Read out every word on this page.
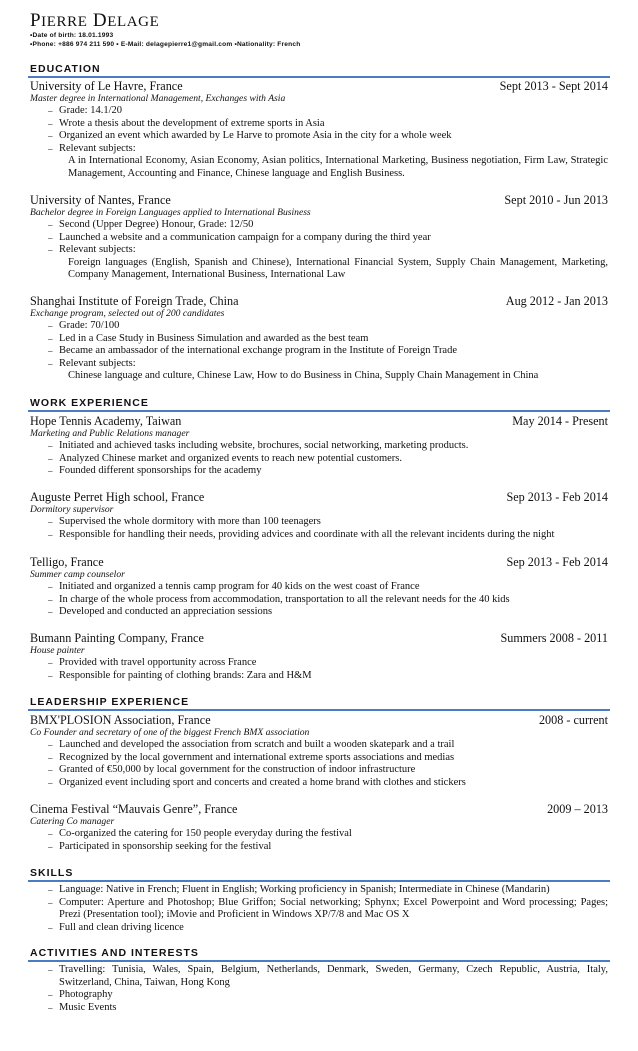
PIERRE DELAGE
•Date of birth: 18.01.1993
•Phone: +886 974 211 590 • E-Mail: delagepierre1@gmail.com •Nationality: French
EDUCATION
University of Le Havre, France	Sept 2013 - Sept 2014
Master degree in International Management, Exchanges with Asia
– Grade: 14.1/20
– Wrote a thesis about the development of extreme sports in Asia
– Organized an event which awarded by Le Harve to promote Asia in the city for a whole week
– Relevant subjects:
A in International Economy, Asian Economy, Asian politics, International Marketing, Business negotiation, Firm Law, Strategic Management, Accounting and Finance, Chinese language and English Business.
University of Nantes, France	Sept 2010 - Jun 2013
Bachelor degree in Foreign Languages applied to International Business
– Second (Upper Degree) Honour, Grade: 12/50
– Launched a website and a communication campaign for a company during the third year
– Relevant subjects:
Foreign languages (English, Spanish and Chinese), International Financial System, Supply Chain Management, Marketing, Company Management, International Business, International Law
Shanghai Institute of Foreign Trade, China	Aug 2012 - Jan 2013
Exchange program, selected out of 200 candidates
– Grade: 70/100
– Led in a Case Study in Business Simulation and awarded as the best team
– Became an ambassador of the international exchange program in the Institute of Foreign Trade
– Relevant subjects:
Chinese language and culture, Chinese Law, How to do Business in China, Supply Chain Management in China
WORK EXPERIENCE
Hope Tennis Academy, Taiwan	May 2014 - Present
Marketing and Public Relations manager
– Initiated and achieved tasks including website, brochures, social networking, marketing products.
– Analyzed Chinese market and organized events to reach new potential customers.
– Founded different sponsorships for the academy
Auguste Perret High school, France	Sep 2013 - Feb 2014
Dormitory supervisor
– Supervised the whole dormitory with more than 100 teenagers
– Responsible for handling their needs, providing advices and coordinate with all the relevant incidents during the night
Telligo, France	Sep 2013 - Feb 2014
Summer camp counselor
– Initiated and organized a tennis camp program for 40 kids on the west coast of France
– In charge of the whole process from accommodation, transportation to all the relevant needs for the 40 kids
– Developed and conducted an appreciation sessions
Bumann Painting Company, France	Summers 2008 - 2011
House painter
– Provided with travel opportunity across France
– Responsible for painting of clothing brands: Zara and H&M
LEADERSHIP EXPERIENCE
BMX'PLOSION Association, France	2008 - current
Co Founder and secretary of one of the biggest French BMX association
– Launched and developed the association from scratch and built a wooden skatepark and a trail
– Recognized by the local government and international extreme sports associations and medias
– Granted of €50,000 by local government for the construction of indoor infrastructure
– Organized event including sport and concerts and created a home brand with clothes and stickers
Cinema Festival “Mauvais Genre”, France	2009 – 2013
Catering Co manager
– Co-organized the catering for 150 people everyday during the festival
– Participated in sponsorship seeking for the festival
SKILLS
– Language: Native in French; Fluent in English; Working proficiency in Spanish; Intermediate in Chinese (Mandarin)
– Computer: Aperture and Photoshop; Blue Griffon; Social networking; Sphynx; Excel Powerpoint and Word processing; Pages; Prezi (Presentation tool); iMovie and Proficient in Windows XP/7/8 and Mac OS X
– Full and clean driving licence
ACTIVITIES AND INTERESTS
– Travelling: Tunisia, Wales, Spain, Belgium, Netherlands, Denmark, Sweden, Germany, Czech Republic, Austria, Italy, Switzerland, China, Taiwan, Hong Kong
– Photography
– Music Events
